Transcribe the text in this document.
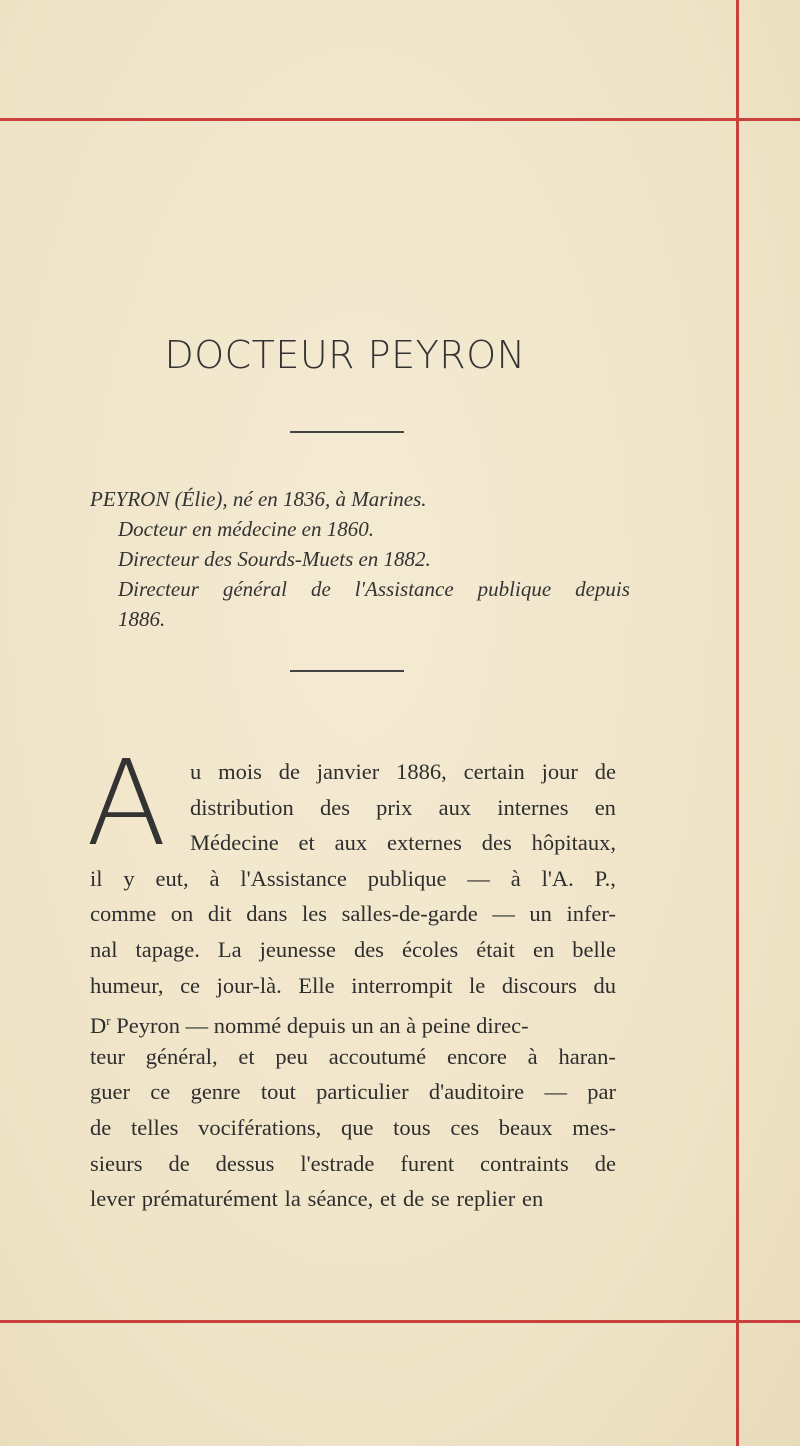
DOCTEUR PEYRON
PEYRON (Élie), né en 1836, à Marines.
Docteur en médecine en 1860.
Directeur des Sourds-Muets en 1882.
Directeur général de l'Assistance publique depuis
1886.
A u mois de janvier 1886, certain jour de
distribution des prix aux internes en
Médecine et aux externes des hôpitaux,
il y eut, à l'Assistance publique — à l'A. P.,
comme on dit dans les salles-de-garde — un infer-
nal tapage. La jeunesse des écoles était en belle
humeur, ce jour-là. Elle interrompit le discours du
$D^r$ Peyron — nommé depuis un an à peine direc-
teur général, et peu accoutumé encore à haran-
guer ce genre tout particulier d'auditoire — par
de telles vociférations, que tous ces beaux mes-
sieurs de dessus l'estrade furent contraints de
lever prématurément la séance, et de se replier en
